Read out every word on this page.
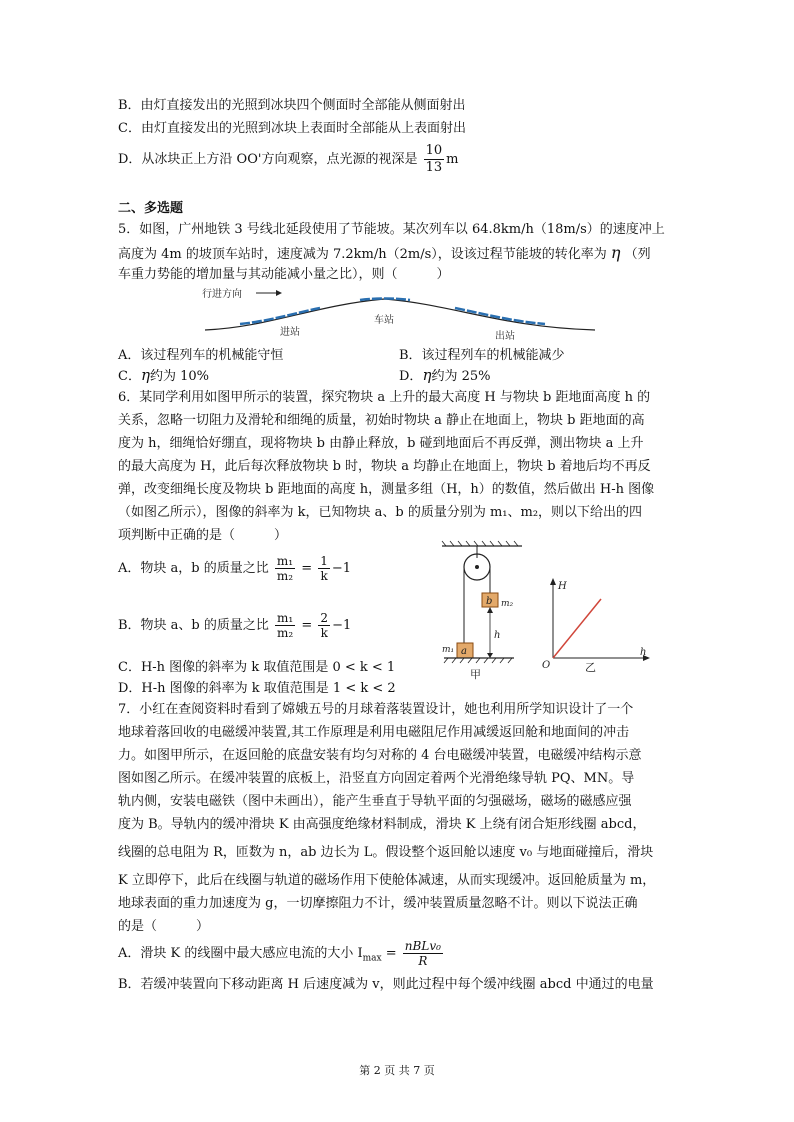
B．由灯直接发出的光照到冰块四个侧面时全部能从侧面射出
C．由灯直接发出的光照到冰块上表面时全部能从上表面射出
D．从冰块正上方沿 OO'方向观察，点光源的视深是 $\frac{10}{13}$ m
二、多选题
5．如图，广州地铁 3 号线北延段使用了节能坡。某次列车以 64.8km/h（18m/s）的速度冲上
高度为 4m 的坡顶车站时，速度减为 7.2km/h（2m/s），设该过程节能坡的转化率为 η （列
车重力势能的增加量与其动能减小量之比），则（　　　）
行进方向
进站
车站
出站
A．该过程列车的机械能守恒	B．该过程列车的机械能减少
C．η约为 10%	D．η约为 25%
6．某同学利用如图甲所示的装置，探究物块 a 上升的最大高度 H 与物块 b 距地面高度 h 的
关系，忽略一切阻力及滑轮和细绳的质量，初始时物块 a 静止在地面上，物块 b 距地面的高
度为 h，细绳恰好绷直，现将物块 b 由静止释放，b 碰到地面后不再反弹，测出物块 a 上升
的最大高度为 H，此后每次释放物块 b 时，物块 a 均静止在地面上，物块 b 着地后均不再反
弹，改变细绳长度及物块 b 距地面的高度 h，测量多组（H，h）的数值，然后做出 H-h 图像
（如图乙所示），图像的斜率为 k，已知物块 a、b 的质量分别为 m₁、m₂，则以下给出的四
项判断中正确的是（　　　）
A．物块 a，b 的质量之比 $\frac{\text{m₁}}{\text{m₂}} = \frac{1}{k} -1$
B．物块 a、b 的质量之比 $\frac{\text{m₁}}{\text{m₂}} = \frac{2}{k} -1$
C．H-h 图像的斜率为 k 取值范围是 0 < k < 1
D．H-h 图像的斜率为 k 取值范围是 1 < k < 2
b m₂
h
a
m₁
甲
H
h
O	乙
7．小红在查阅资料时看到了嫦娥五号的月球着落装置设计，她也利用所学知识设计了一个
地球着落回收的电磁缓冲装置,其工作原理是利用电磁阻尼作用减缓返回舱和地面间的冲击
力。如图甲所示，在返回舱的底盘安装有均匀对称的 4 台电磁缓冲装置，电磁缓冲结构示意
图如图乙所示。在缓冲装置的底板上，沿竖直方向固定着两个光滑绝缘导轨 PQ、MN。导
轨内侧，安装电磁铁（图中未画出），能产生垂直于导轨平面的匀强磁场，磁场的磁感应强
度为 B。导轨内的缓冲滑块 K 由高强度绝缘材料制成，滑块 K 上绕有闭合矩形线圈 abcd，
线圈的总电阻为 R，匝数为 n，ab 边长为 L。假设整个返回舱以速度 v₀ 与地面碰撞后，滑块
K 立即停下，此后在线圈与轨道的磁场作用下使舱体减速，从而实现缓冲。返回舱质量为 m，
地球表面的重力加速度为 g，一切摩擦阻力不计，缓冲装置质量忽略不计。则以下说法正确
的是（　　　）
A．滑块 K 的线圈中最大感应电流的大小 $I_{max} = \frac{\text{nBLv₀}}{R}$
B．若缓冲装置向下移动距离 H 后速度减为 v，则此过程中每个缓冲线圈 abcd 中通过的电量
第 2 页 共 7 页
